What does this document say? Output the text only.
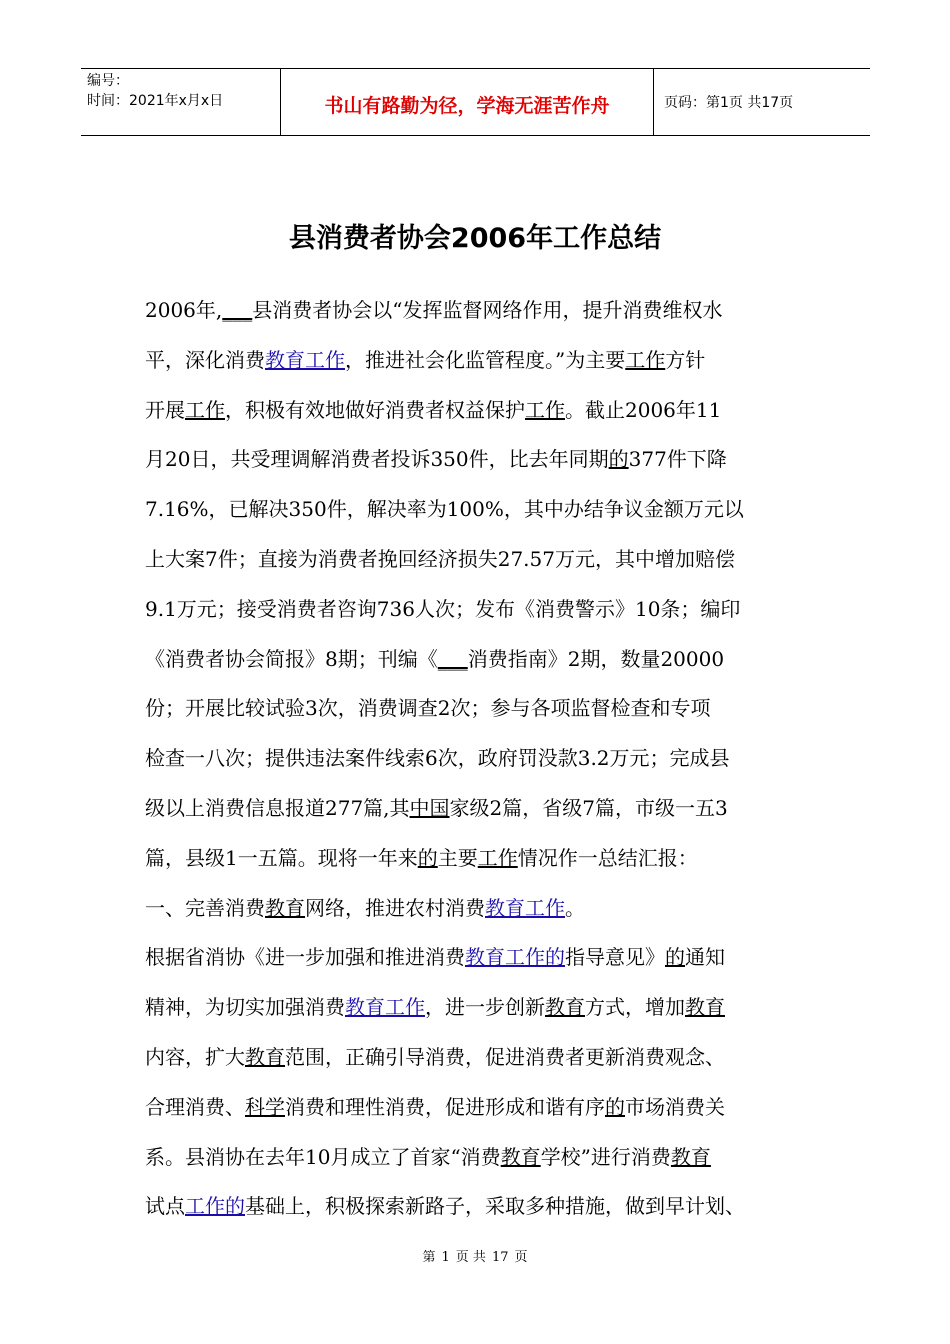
编号：
时间：2021年x月x日	书山有路勤为径，学海无涯苦作舟	页码：第1页 共17页
县消费者协会2006年工作总结
2006年,___县消费者协会以“发挥监督网络作用，提升消费维权水
平，深化消费教育工作，推进社会化监管程度。”为主要工作方针
开展工作，积极有效地做好消费者权益保护工作。截止2006年11
月20日，共受理调解消费者投诉350件，比去年同期的377件下降
7.16%，已解决350件，解决率为100%，其中办结争议金额万元以
上大案7件；直接为消费者挽回经济损失27.57万元，其中增加赔偿
9.1万元；接受消费者咨询736人次；发布《消费警示》10条；编印
《消费者协会简报》8期；刊编《___消费指南》2期，数量20000
份；开展比较试验3次，消费调查2次；参与各项监督检查和专项
检查一八次；提供违法案件线索6次，政府罚没款3.2万元；完成县
级以上消费信息报道277篇,其中国家级2篇，省级7篇，市级一五3
篇，县级1一五篇。现将一年来的主要工作情况作一总结汇报：
一、完善消费教育网络，推进农村消费教育工作。
根据省消协《进一步加强和推进消费教育工作的指导意见》的通知
精神，为切实加强消费教育工作，进一步创新教育方式，增加教育
内容，扩大教育范围，正确引导消费，促进消费者更新消费观念、
合理消费、科学消费和理性消费，促进形成和谐有序的市场消费关
系。县消协在去年10月成立了首家“消费教育学校”进行消费教育
试点工作的基础上，积极探索新路子，采取多种措施，做到早计划、
第 1 页 共 17 页
